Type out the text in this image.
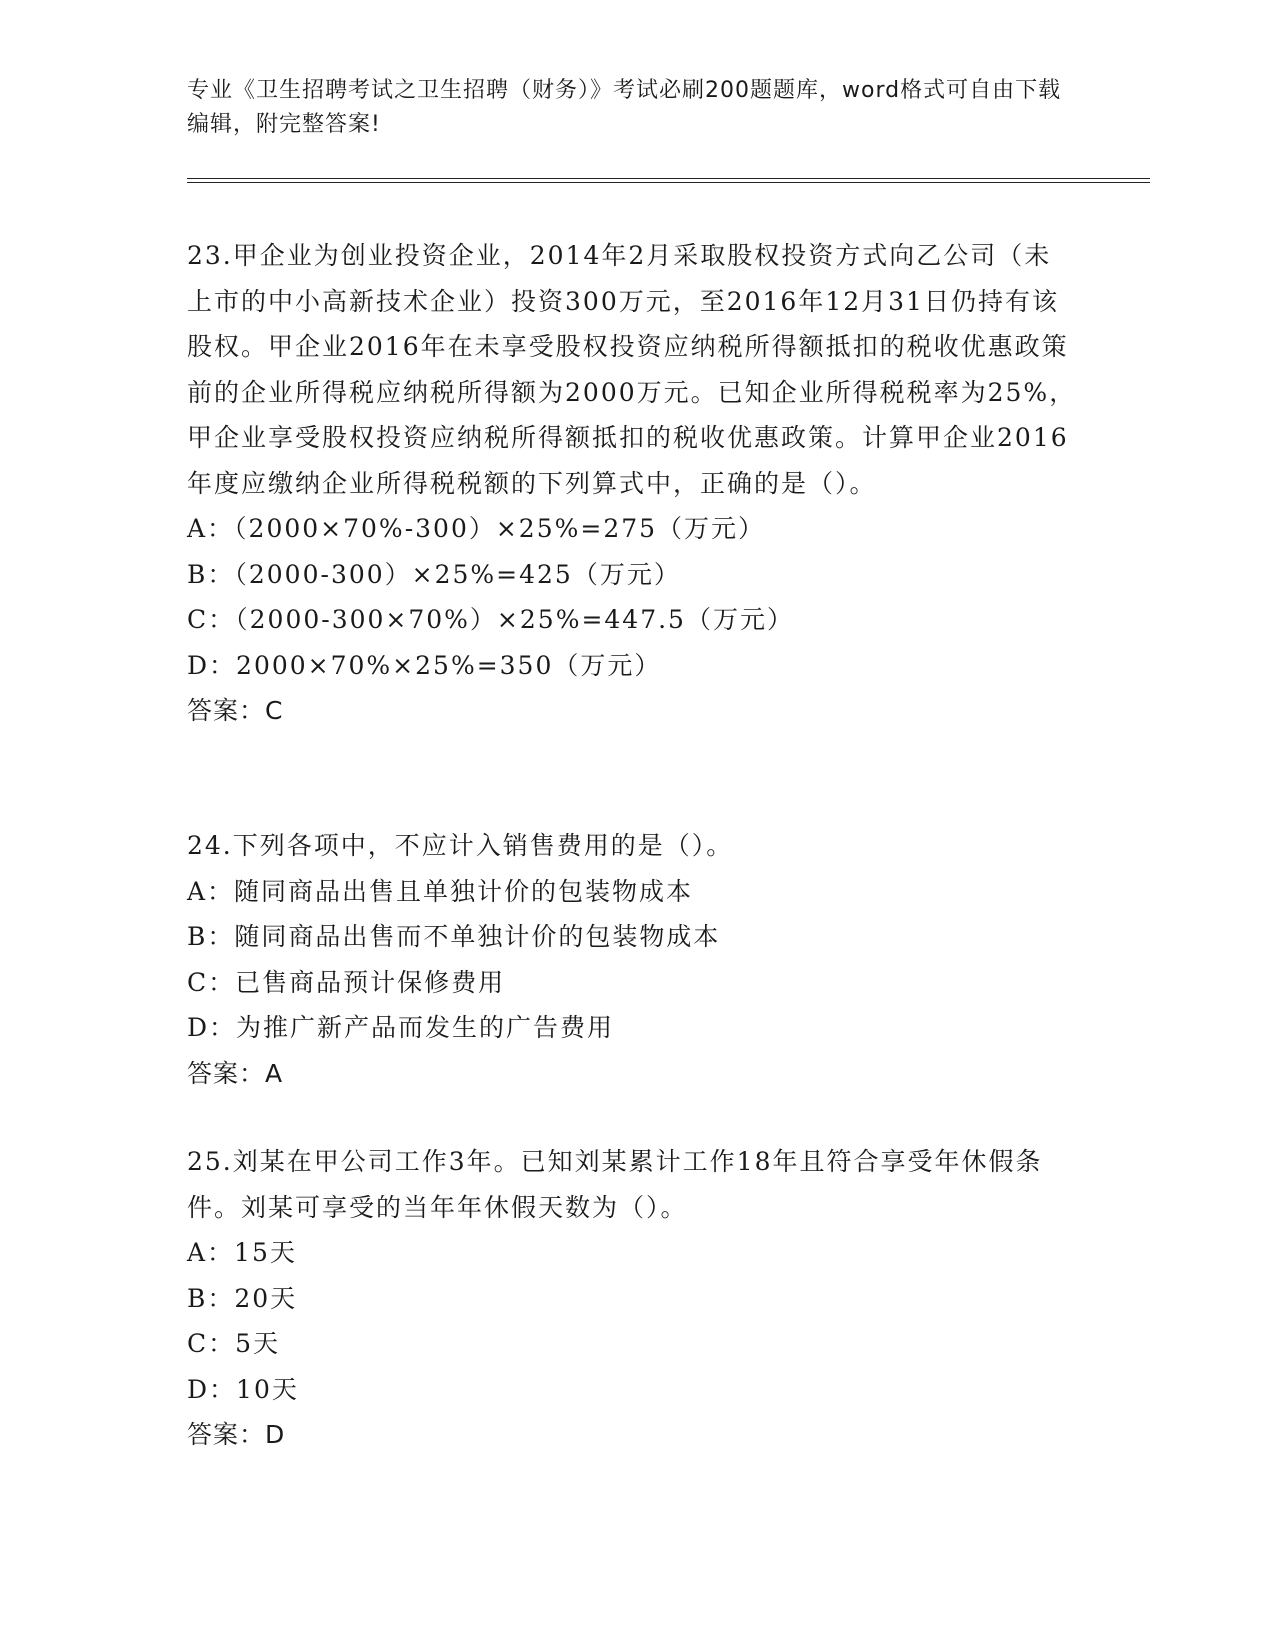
专业《卫生招聘考试之卫生招聘（财务）》考试必刷200题题库，word格式可自由下载编辑，附完整答案!
23.甲企业为创业投资企业，2014年2月采取股权投资方式向乙公司（未上市的中小高新技术企业）投资300万元，至2016年12月31日仍持有该股权。甲企业2016年在未享受股权投资应纳税所得额抵扣的税收优惠政策前的企业所得税应纳税所得额为2000万元。已知企业所得税税率为25%，甲企业享受股权投资应纳税所得额抵扣的税收优惠政策。计算甲企业2016年度应缴纳企业所得税税额的下列算式中，正确的是（）。
A：（2000×70%-300）×25%=275（万元）
B：（2000-300）×25%=425（万元）
C：（2000-300×70%）×25%=447.5（万元）
D：2000×70%×25%=350（万元）
答案：C
24.下列各项中，不应计入销售费用的是（）。
A：随同商品出售且单独计价的包装物成本
B：随同商品出售而不单独计价的包装物成本
C：已售商品预计保修费用
D：为推广新产品而发生的广告费用
答案：A
25.刘某在甲公司工作3年。已知刘某累计工作18年且符合享受年休假条件。刘某可享受的当年年休假天数为（）。
A：15天
B：20天
C：5天
D：10天
答案：D
